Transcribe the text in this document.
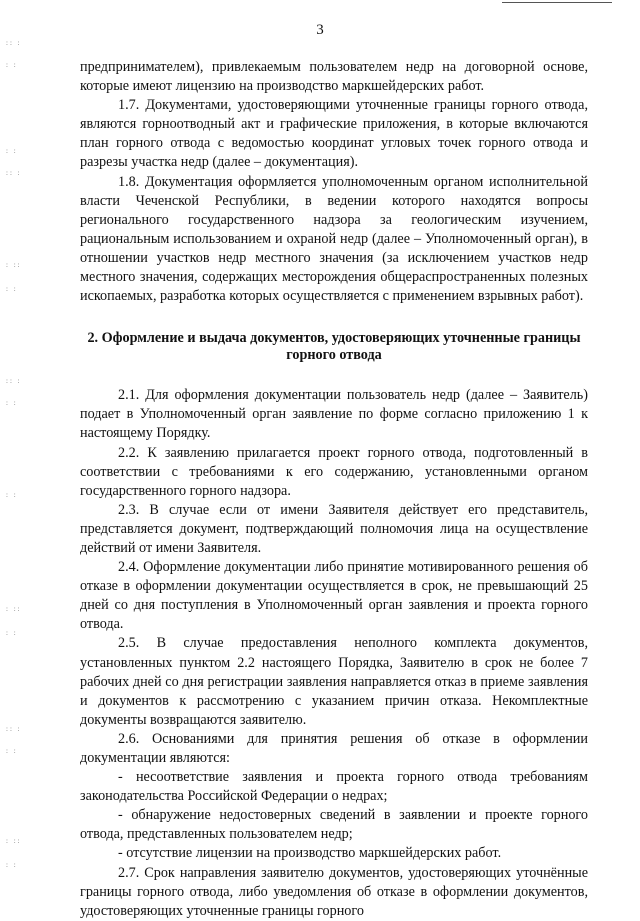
:: :
: :
: :
:: :
: ::
: :
:: :
: :
: :
: ::
: :
:: :
: :
: ::
: :
3

предпринимателем), привлекаемым пользователем недр на договорной основе, которые имеют лицензию на производство маркшейдерских работ.

1.7. Документами, удостоверяющими уточненные границы горного отвода, являются горноотводный акт и графические приложения, в которые включаются план горного отвода с ведомостью координат угловых точек горного отвода и разрезы участка недр (далее – документация).

1.8. Документация оформляется уполномоченным органом исполнительной власти Чеченской Республики, в ведении которого находятся вопросы регионального государственного надзора за геологическим изучением, рациональным использованием и охраной недр (далее – Уполномоченный орган), в отношении участков недр местного значения (за исключением участков недр местного значения, содержащих месторождения общераспространенных полезных ископаемых, разработка которых осуществляется с применением взрывных работ).

2. Оформление и выдача документов, удостоверяющих уточненные границы горного отвода

2.1. Для оформления документации пользователь недр (далее – Заявитель) подает в Уполномоченный орган заявление по форме согласно приложению 1 к настоящему Порядку.

2.2. К заявлению прилагается проект горного отвода, подготовленный в соответствии с требованиями к его содержанию, установленными органом государственного горного надзора.

2.3. В случае если от имени Заявителя действует его представитель, представляется документ, подтверждающий полномочия лица на осуществление действий от имени Заявителя.

2.4. Оформление документации либо принятие мотивированного решения об отказе в оформлении документации осуществляется в срок, не превышающий 25 дней со дня поступления в Уполномоченный орган заявления и проекта горного отвода.

2.5. В случае предоставления неполного комплекта документов, установленных пунктом 2.2 настоящего Порядка, Заявителю в срок не более 7 рабочих дней со дня регистрации заявления направляется отказ в приеме заявления и документов к рассмотрению с указанием причин отказа. Некомплектные документы возвращаются заявителю.

2.6. Основаниями для принятия решения об отказе в оформлении документации являются:

- несоответствие заявления и проекта горного отвода требованиям законодательства Российской Федерации о недрах;

- обнаружение недостоверных сведений в заявлении и проекте горного отвода, представленных пользователем недр;

- отсутствие лицензии на производство маркшейдерских работ.

2.7. Срок направления заявителю документов, удостоверяющих уточнённые границы горного отвода, либо уведомления об отказе в оформлении документов, удостоверяющих уточненные границы горного
